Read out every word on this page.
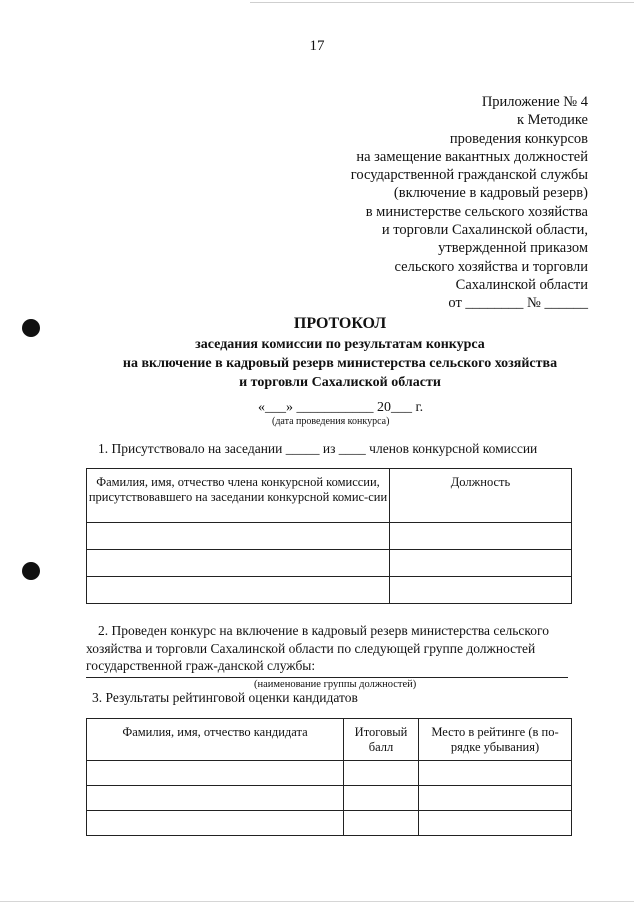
17
Приложение № 4
к Методике
проведения конкурсов
на замещение вакантных должностей
государственной гражданской службы
(включение в кадровый резерв)
в министерстве сельского хозяйства
и торговли Сахалинской области,
утвержденной приказом
сельского хозяйства и торговли
Сахалинской области
от ________ № ______
ПРОТОКОЛ
заседания комиссии по результатам конкурса
на включение в кадровый резерв министерства сельского хозяйства
и торговли Сахалиской области
«___» ___________ 20___ г.
(дата проведения конкурса)
1. Присутствовало на заседании _____ из ____ членов конкурсной комиссии
Фамилия, имя, отчество члена конкурсной комиссии, присутствовавшего на заседании конкурсной комис-сии	Должность

2. Проведен конкурс на включение в кадровый резерв министерства сельского хозяйства и торговли Сахалинской области по следующей группе должностей государственной граж-данской службы:
(наименование группы должностей)
3. Результаты рейтинговой оценки кандидатов
Фамилия, имя, отчество кандидата	Итоговый балл	Место в рейтинге (в по-рядке убывания)
